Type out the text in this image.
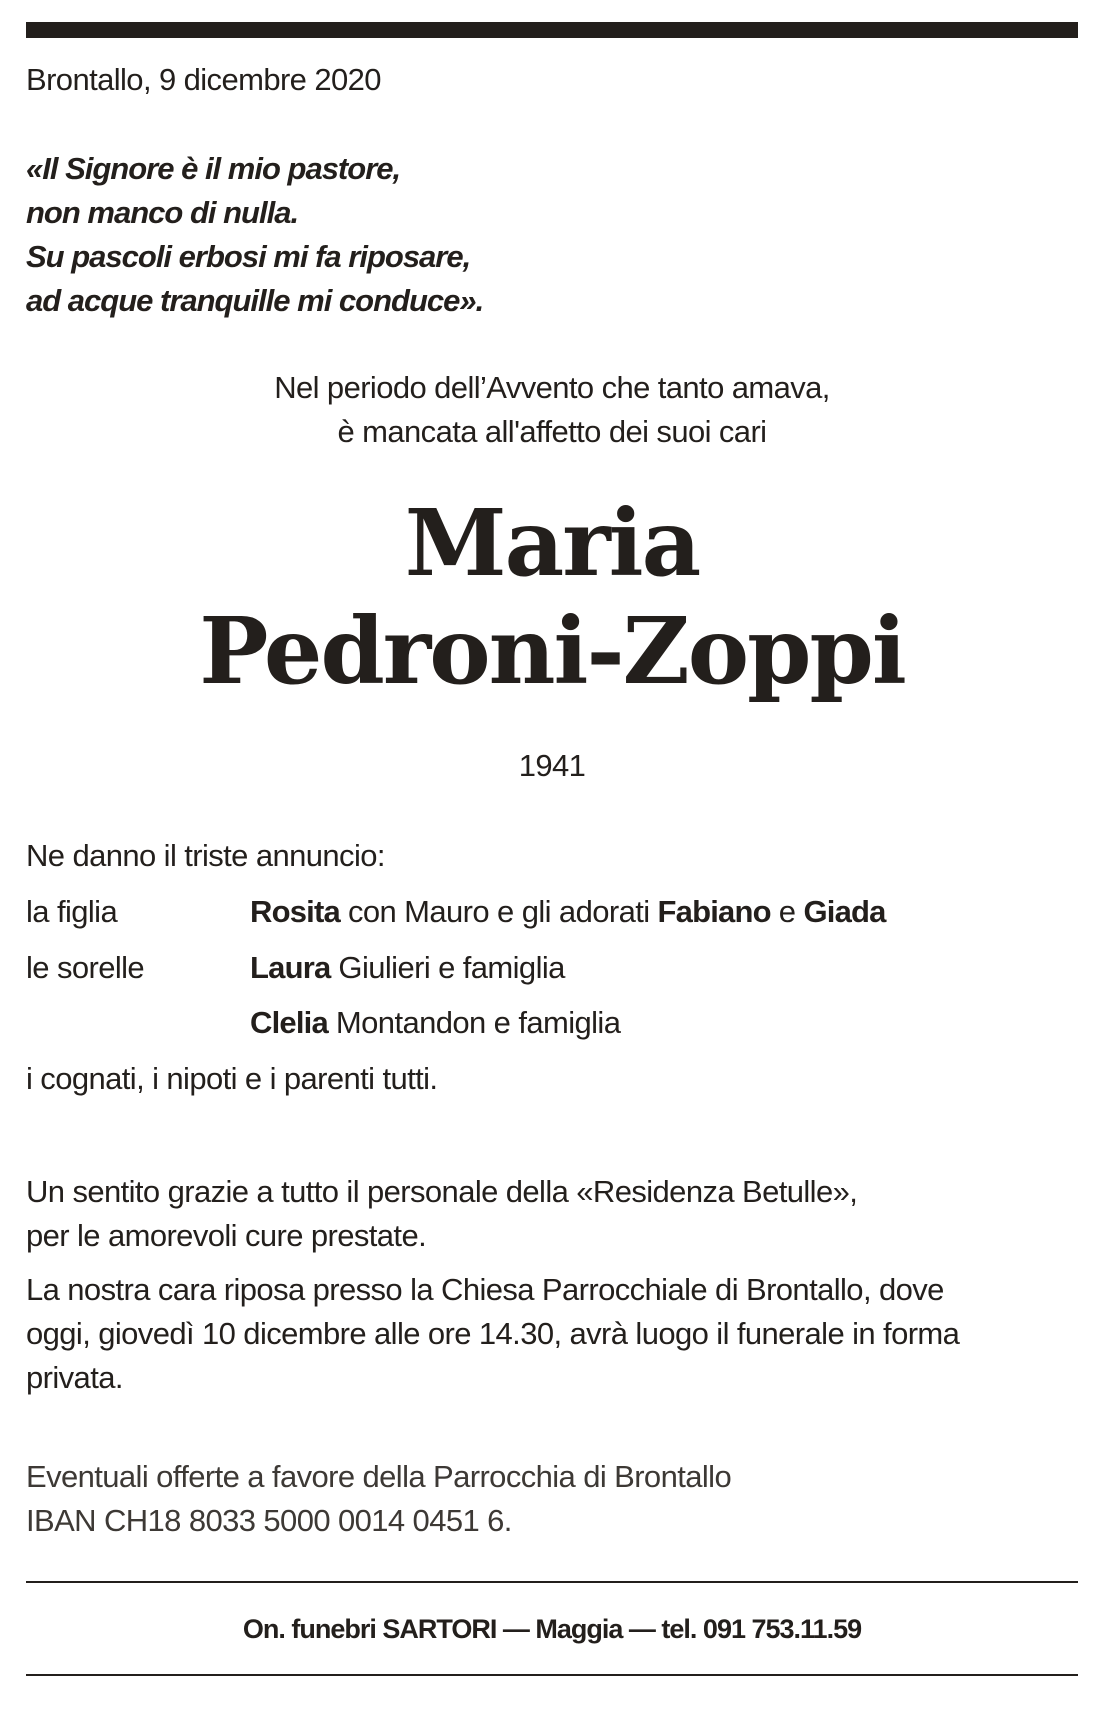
Brontallo, 9 dicembre 2020
«Il Signore è il mio pastore,
non manco di nulla.
Su pascoli erbosi mi fa riposare,
ad acque tranquille mi conduce».
Nel periodo dell’Avvento che tanto amava,
è mancata all'affetto dei suoi cari
Maria
Pedroni-Zoppi
1941
Ne danno il triste annuncio:
la figlia	Rosita con Mauro e gli adorati Fabiano e Giada
le sorelle	Laura Giulieri e famiglia
Clelia Montandon e famiglia
i cognati, i nipoti e i parenti tutti.
Un sentito grazie a tutto il personale della «Residenza Betulle»,
per le amorevoli cure prestate.
La nostra cara riposa presso la Chiesa Parrocchiale di Brontallo, dove
oggi, giovedì 10 dicembre alle ore 14.30, avrà luogo il funerale in forma
privata.
Eventuali offerte a favore della Parrocchia di Brontallo
IBAN CH18 8033 5000 0014 0451 6.
On. funebri SARTORI — Maggia — tel. 091 753.11.59
